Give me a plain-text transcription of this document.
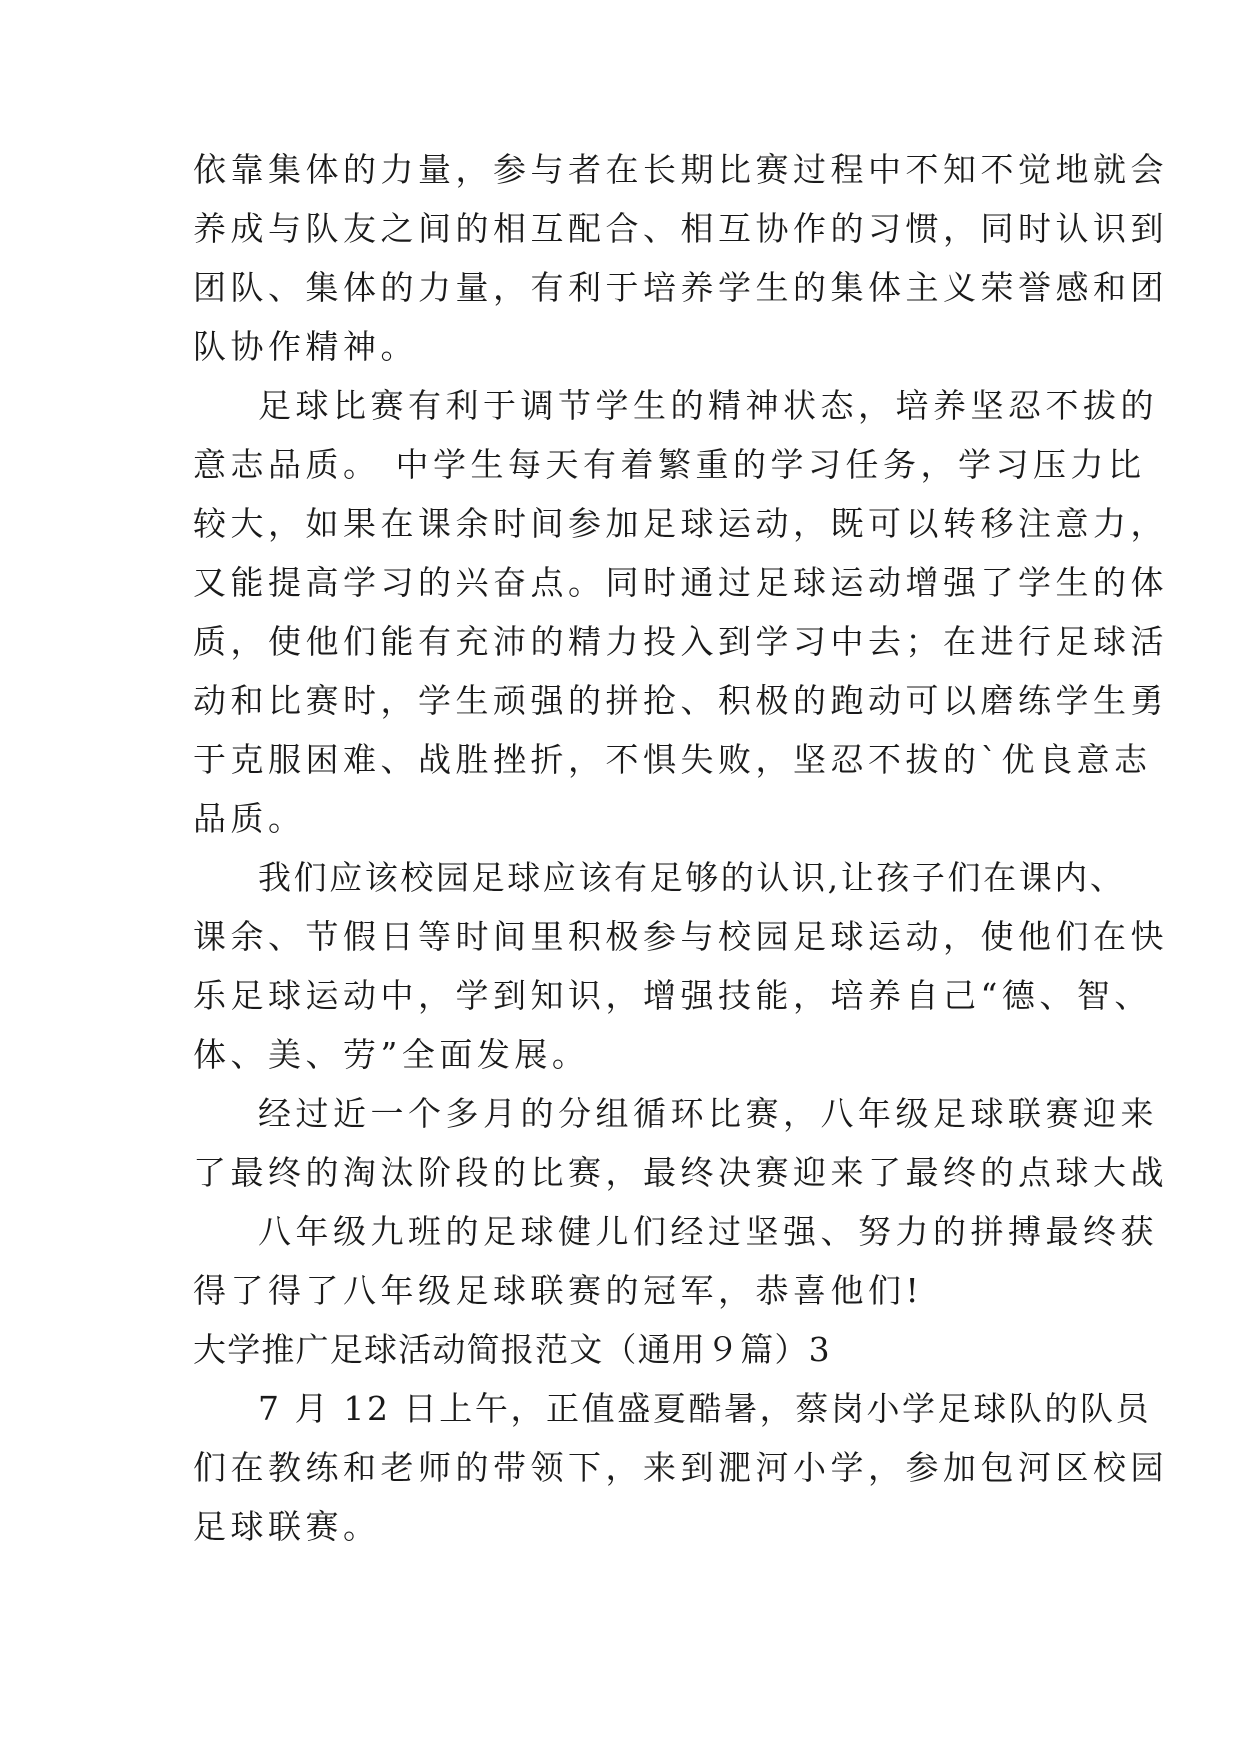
依靠集体的力量，参与者在长期比赛过程中不知不觉地就会
养成与队友之间的相互配合、相互协作的习惯，同时认识到
团队、集体的力量，有利于培养学生的集体主义荣誉感和团
队协作精神。
足球比赛有利于调节学生的精神状态，培养坚忍不拔的
意志品质。 中学生每天有着繁重的学习任务，学习压力比
较大，如果在课余时间参加足球运动，既可以转移注意力，
又能提高学习的兴奋点。同时通过足球运动增强了学生的体
质，使他们能有充沛的精力投入到学习中去；在进行足球活
动和比赛时，学生顽强的拼抢、积极的跑动可以磨练学生勇
于克服困难、战胜挫折，不惧失败，坚忍不拔的`优良意志
品质。
我们应该校园足球应该有足够的认识,让孩子们在课内、
课余、节假日等时间里积极参与校园足球运动，使他们在快
乐足球运动中，学到知识，增强技能，培养自己“德、智、
体、美、劳”全面发展。
经过近一个多月的分组循环比赛，八年级足球联赛迎来
了最终的淘汰阶段的比赛，最终决赛迎来了最终的点球大战
八年级九班的足球健儿们经过坚强、努力的拼搏最终获
得了得了八年级足球联赛的冠军，恭喜他们!
大学推广足球活动简报范文（通用９篇）3
7 月 12 日上午，正值盛夏酷暑，蔡岗小学足球队的队员
们在教练和老师的带领下，来到淝河小学，参加包河区校园
足球联赛。
